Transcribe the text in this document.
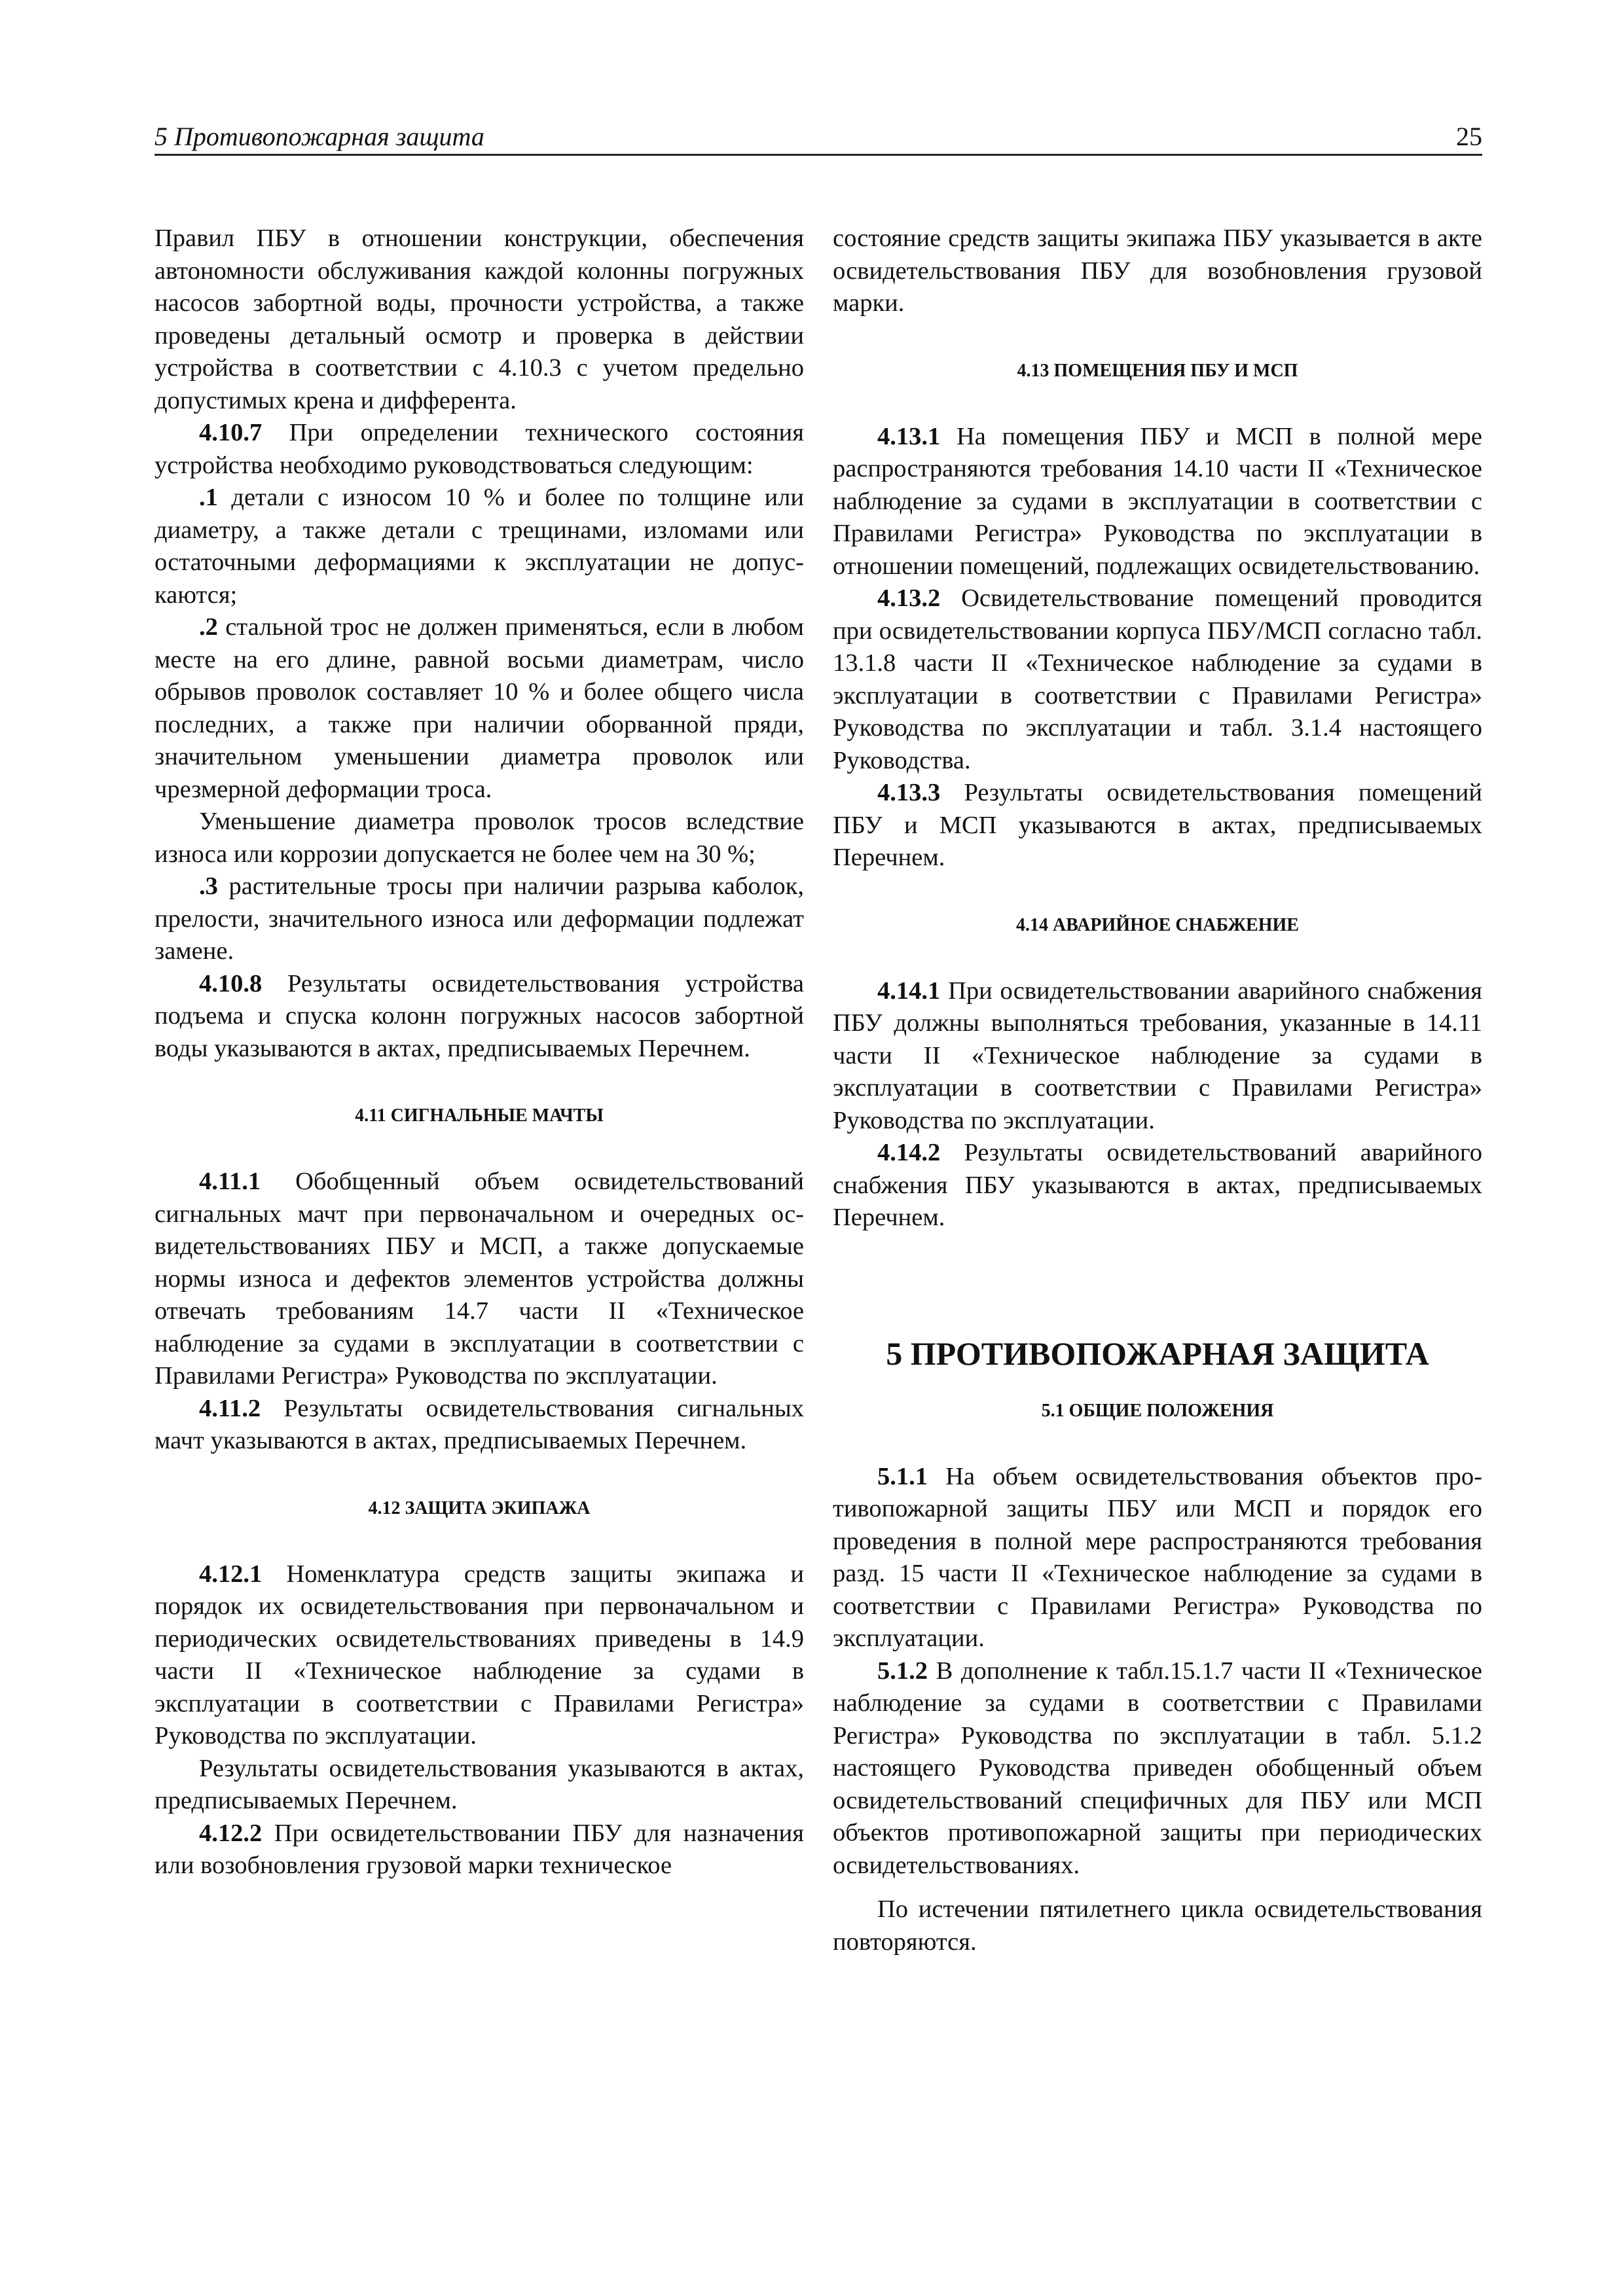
5 Противопожарная защита	25

Правил ПБУ в отношении конструкции, обеспечения автономности обслуживания каждой колонны погружных насосов забортной воды, прочности устройства, а также проведены детальный осмотр и проверка в действии устройства в соответствии с 4.10.3 с учетом предельно допустимых крена и дифферента.

4.10.7 При определении технического состояния устройства необходимо руководствоваться следующим:

.1 детали с износом 10 % и более по толщине или диаметру, а также детали с трещинами, изломами или остаточными деформациями к эксплуатации не допускаются;

.2 стальной трос не должен применяться, если в любом месте на его длине, равной восьми диаметрам, число обрывов проволок составляет 10 % и более общего числа последних, а также при наличии оборванной пряди, значительном уменьшении диаметра проволок или чрезмерной деформации троса.

Уменьшение диаметра проволок тросов вследствие износа или коррозии допускается не более чем на 30 %;

.3 растительные тросы при наличии разрыва каболок, прелости, значительного износа или деформации подлежат замене.

4.10.8 Результаты освидетельствования устройства подъема и спуска колонн погружных насосов забортной воды указываются в актах, предписываемых Перечнем.

4.11 СИГНАЛЬНЫЕ МАЧТЫ

4.11.1 Обобщенный объем освидетельствований сигнальных мачт при первоначальном и очередных освидетельствованиях ПБУ и МСП, а также допускаемые нормы износа и дефектов элементов устройства должны отвечать требованиям 14.7 части II «Техническое наблюдение за судами в эксплуатации в соответствии с Правилами Регистра» Руководства по эксплуатации.

4.11.2 Результаты освидетельствования сигнальных мачт указываются в актах, предписываемых Перечнем.

4.12 ЗАЩИТА ЭКИПАЖА

4.12.1 Номенклатура средств защиты экипажа и порядок их освидетельствования при первоначальном и периодических освидетельствованиях приведены в 14.9 части II «Техническое наблюдение за судами в эксплуатации в соответствии с Правилами Регистра» Руководства по эксплуатации.

Результаты освидетельствования указываются в актах, предписываемых Перечнем.

4.12.2 При освидетельствовании ПБУ для назначения или возобновления грузовой марки техническое

состояние средств защиты экипажа ПБУ указывается в акте освидетельствования ПБУ для возобновления грузовой марки.

4.13 ПОМЕЩЕНИЯ ПБУ И МСП

4.13.1 На помещения ПБУ и МСП в полной мере распространяются требования 14.10 части II «Техническое наблюдение за судами в эксплуатации в соответствии с Правилами Регистра» Руководства по эксплуатации в отношении помещений, подлежащих освидетельствованию.

4.13.2 Освидетельствование помещений проводится при освидетельствовании корпуса ПБУ/МСП согласно табл. 13.1.8 части II «Техническое наблюдение за судами в эксплуатации в соответствии с Правилами Регистра» Руководства по эксплуатации и табл. 3.1.4 настоящего Руководства.

4.13.3 Результаты освидетельствования помещений ПБУ и МСП указываются в актах, предписываемых Перечнем.

4.14 АВАРИЙНОЕ СНАБЖЕНИЕ

4.14.1 При освидетельствовании аварийного снабжения ПБУ должны выполняться требования, указанные в 14.11 части II «Техническое наблюдение за судами в эксплуатации в соответствии с Правилами Регистра» Руководства по эксплуатации.

4.14.2 Результаты освидетельствований аварийного снабжения ПБУ указываются в актах, предписываемых Перечнем.

5 ПРОТИВОПОЖАРНАЯ ЗАЩИТА
5.1 ОБЩИЕ ПОЛОЖЕНИЯ

5.1.1 На объем освидетельствования объектов противопожарной защиты ПБУ или МСП и порядок его проведения в полной мере распространяются требования разд. 15 части II «Техническое наблюдение за судами в соответствии с Правилами Регистра» Руководства по эксплуатации.

5.1.2 В дополнение к табл.15.1.7 части II «Техническое наблюдение за судами в соответствии с Правилами Регистра» Руководства по эксплуатации в табл. 5.1.2 настоящего Руководства приведен обобщенный объем освидетельствований специфичных для ПБУ или МСП объектов противопожарной защиты при периодических освидетельствованиях.

По истечении пятилетнего цикла освидетельствования повторяются.
